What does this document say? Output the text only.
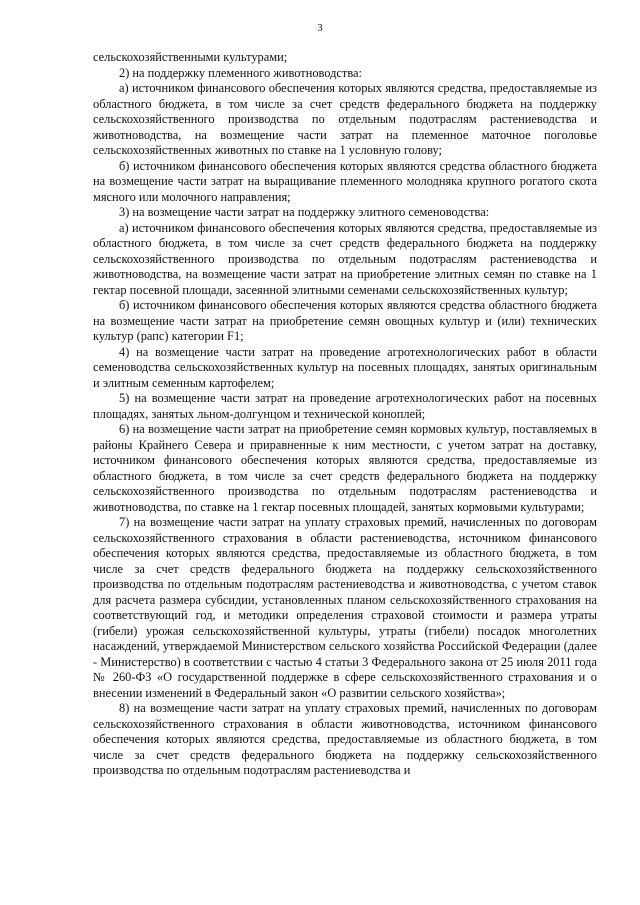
3

сельскохозяйственными культурами;

2) на поддержку племенного животноводства:

а) источником финансового обеспечения которых являются средства, предоставляемые из областного бюджета, в том числе за счет средств федерального бюджета на поддержку сельскохозяйственного производства по отдельным подотраслям растениеводства и животноводства, на возмещение части затрат на племенное маточное поголовье сельскохозяйственных животных по ставке на 1 условную голову;

б) источником финансового обеспечения которых являются средства областного бюджета на возмещение части затрат на выращивание племенного молодняка крупного рогатого скота мясного или молочного направления;

3) на возмещение части затрат на поддержку элитного семеноводства:

а) источником финансового обеспечения которых являются средства, предоставляемые из областного бюджета, в том числе за счет средств федерального бюджета на поддержку сельскохозяйственного производства по отдельным подотраслям растениеводства и животноводства, на возмещение части затрат на приобретение элитных семян по ставке на 1 гектар посевной площади, засеянной элитными семенами сельскохозяйственных культур;

б) источником финансового обеспечения которых являются средства областного бюджета на возмещение части затрат на приобретение семян овощных культур и (или) технических культур (рапс) категории F1;

4) на возмещение части затрат на проведение агротехнологических работ в области семеноводства сельскохозяйственных культур на посевных площадях, занятых оригинальным и элитным семенным картофелем;

5) на возмещение части затрат на проведение агротехнологических работ на посевных площадях, занятых льном-долгунцом и технической коноплей;

6) на возмещение части затрат на приобретение семян кормовых культур, поставляемых в районы Крайнего Севера и приравненные к ним местности, с учетом затрат на доставку, источником финансового обеспечения которых являются средства, предоставляемые из областного бюджета, в том числе за счет средств федерального бюджета на поддержку сельскохозяйственного производства по отдельным подотраслям растениеводства и животноводства, по ставке на 1 гектар посевных площадей, занятых кормовыми культурами;

7) на возмещение части затрат на уплату страховых премий, начисленных по договорам сельскохозяйственного страхования в области растениеводства, источником финансового обеспечения которых являются средства, предоставляемые из областного бюджета, в том числе за счет средств федерального бюджета на поддержку сельскохозяйственного производства по отдельным подотраслям растениеводства и животноводства, с учетом ставок для расчета размера субсидии, установленных планом сельскохозяйственного страхования на соответствующий год, и методики определения страховой стоимости и размера утраты (гибели) урожая сельскохозяйственной культуры, утраты (гибели) посадок многолетних насаждений, утверждаемой Министерством сельского хозяйства Российской Федерации (далее - Министерство) в соответствии с частью 4 статьи 3 Федерального закона от 25 июля 2011 года № 260-ФЗ «О государственной поддержке в сфере сельскохозяйственного страхования и о внесении изменений в Федеральный закон «О развитии сельского хозяйства»;

8) на возмещение части затрат на уплату страховых премий, начисленных по договорам сельскохозяйственного страхования в области животноводства, источником финансового обеспечения которых являются средства, предоставляемые из областного бюджета, в том числе за счет средств федерального бюджета на поддержку сельскохозяйственного производства по отдельным подотраслям растениеводства и
